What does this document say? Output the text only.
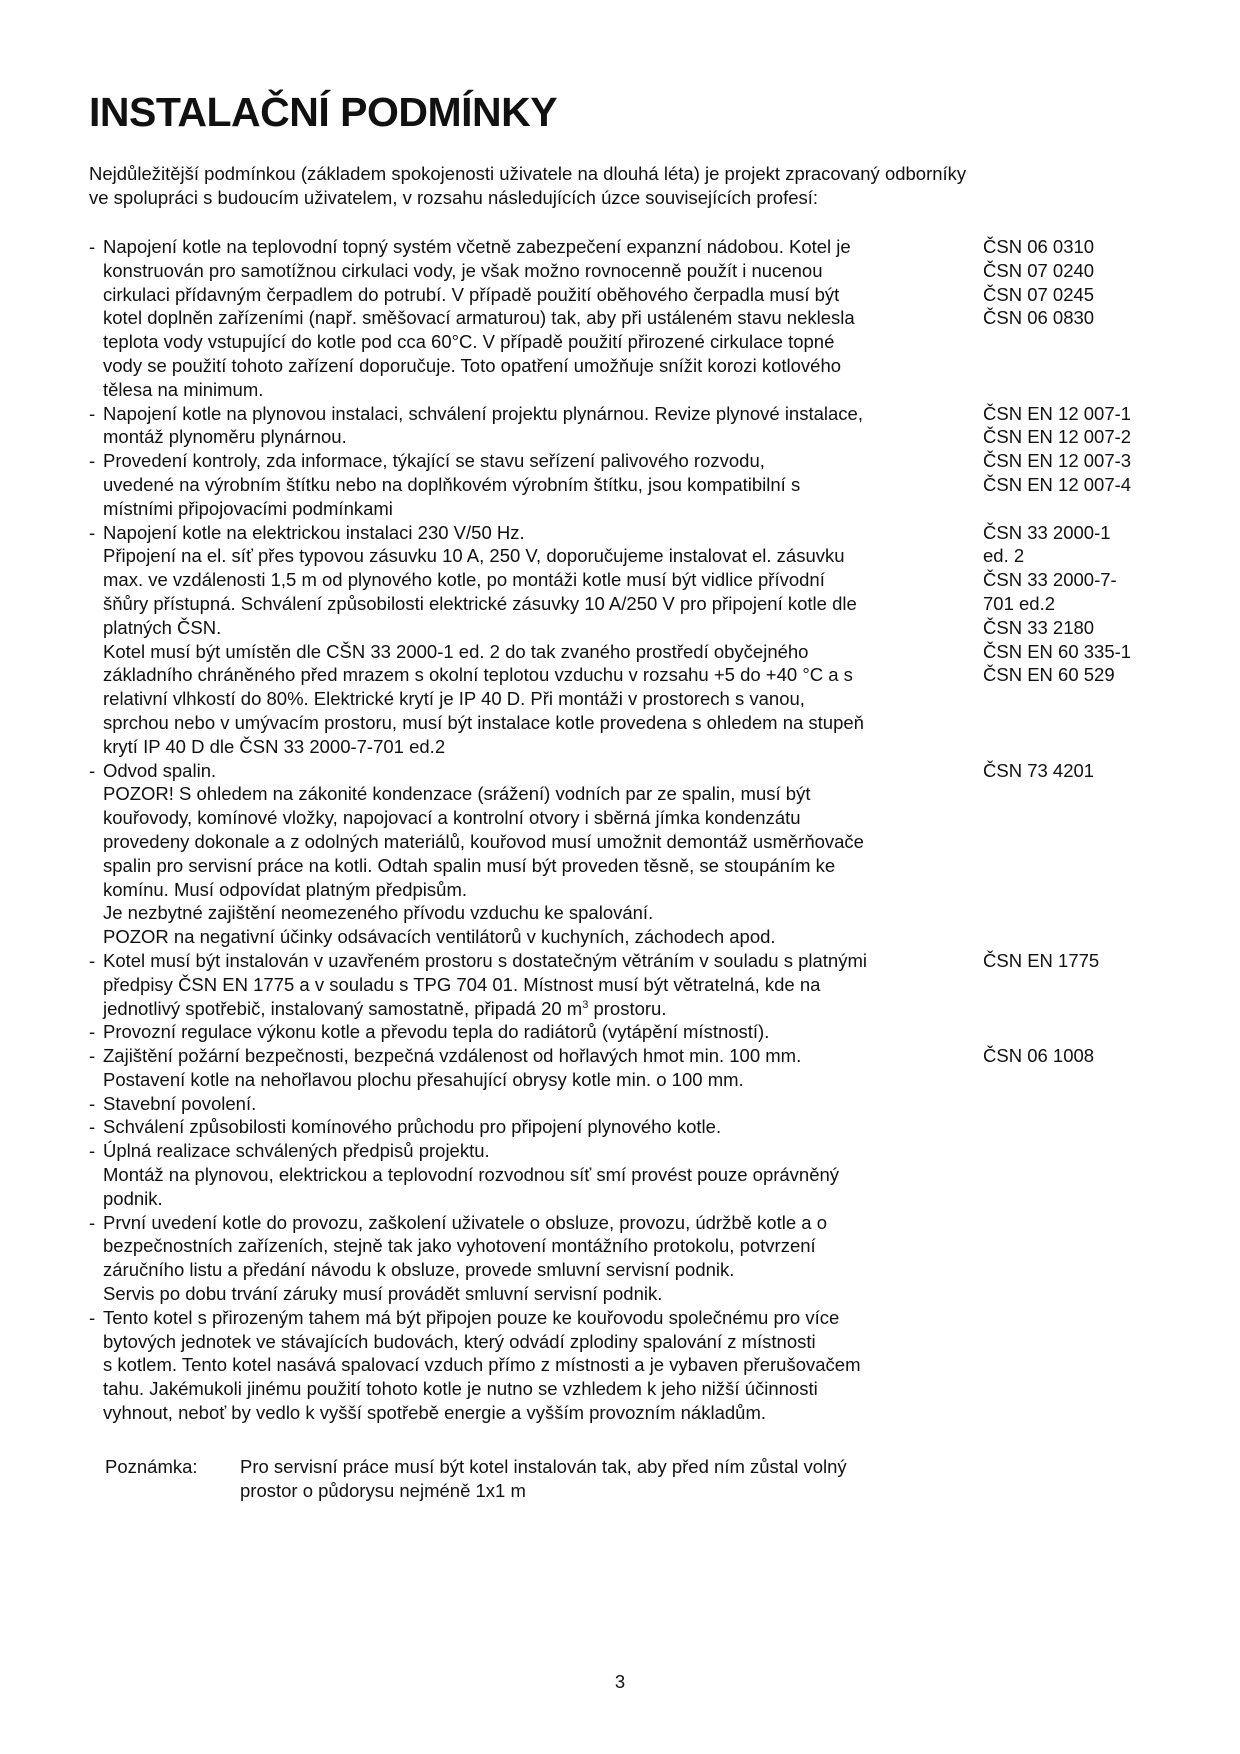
INSTALAČNÍ PODMÍNKY
Nejdůležitější podmínkou (základem spokojenosti uživatele na dlouhá léta) je projekt zpracovaný odborníky
ve spolupráci s budoucím uživatelem, v rozsahu následujících úzce souvisejících profesí:
- Napojení kotle na teplovodní topný systém včetně zabezpečení expanzní nádobou. Kotel je	ČSN 06 0310
konstruován pro samotížnou cirkulaci vody, je však možno rovnocenně použít i nucenou	ČSN 07 0240
cirkulaci přídavným čerpadlem do potrubí. V případě použití oběhového čerpadla musí být	ČSN 07 0245
kotel doplněn zařízeními (např. směšovací armaturou) tak, aby při ustáleném stavu neklesla	ČSN 06 0830
teplota vody vstupující do kotle pod cca 60°C. V případě použití přirozené cirkulace topné
vody se použití tohoto zařízení doporučuje. Toto opatření umožňuje snížit korozi kotlového
tělesa na minimum.
- Napojení kotle na plynovou instalaci, schválení projektu plynárnou. Revize plynové instalace,	ČSN EN 12 007-1
montáž plynoměru plynárnou.	ČSN EN 12 007-2
- Provedení kontroly, zda informace, týkající se stavu seřízení palivového rozvodu,	ČSN EN 12 007-3
uvedené na výrobním štítku nebo na doplňkovém výrobním štítku, jsou kompatibilní s	ČSN EN 12 007-4
místními připojovacími podmínkami
- Napojení kotle na elektrickou instalaci 230 V/50 Hz.	ČSN 33 2000-1
Připojení na el. síť přes typovou zásuvku 10 A, 250 V, doporučujeme instalovat el. zásuvku	ed. 2
max. ve vzdálenosti 1,5 m od plynového kotle, po montáži kotle musí být vidlice přívodní	ČSN 33 2000-7-
šňůry přístupná. Schválení způsobilosti elektrické zásuvky 10 A/250 V pro připojení kotle dle	701 ed.2
platných ČSN.	ČSN 33 2180
Kotel musí být umístěn dle CŠN 33 2000-1 ed. 2 do tak zvaného prostředí obyčejného	ČSN EN 60 335-1
základního chráněného před mrazem s okolní teplotou vzduchu v rozsahu +5 do +40 °C a s	ČSN EN 60 529
relativní vlhkostí do 80%. Elektrické krytí je IP 40 D. Při montáži v prostorech s vanou,
sprchou nebo v umývacím prostoru, musí být instalace kotle provedena s ohledem na stupeň
krytí IP 40 D dle ČSN 33 2000-7-701 ed.2
- Odvod spalin.	ČSN 73 4201
POZOR! S ohledem na zákonité kondenzace (srážení) vodních par ze spalin, musí být
kouřovody, komínové vložky, napojovací a kontrolní otvory i sběrná jímka kondenzátu
provedeny dokonale a z odolných materiálů, kouřovod musí umožnit demontáž usměrňovače
spalin pro servisní práce na kotli. Odtah spalin musí být proveden těsně, se stoupáním ke
komínu. Musí odpovídat platným předpisům.
Je nezbytné zajištění neomezeného přívodu vzduchu ke spalování.
POZOR na negativní účinky odsávacích ventilátorů v kuchyních, záchodech apod.
- Kotel musí být instalován v uzavřeném prostoru s dostatečným větráním v souladu s platnými	ČSN EN 1775
předpisy ČSN EN 1775 a v souladu s TPG 704 01. Místnost musí být větratelná, kde na
jednotlivý spotřebič, instalovaný samostatně, připadá 20 $m^3$ prostoru.
- Provozní regulace výkonu kotle a převodu tepla do radiátorů (vytápění místností).
- Zajištění požární bezpečnosti, bezpečná vzdálenost od hořlavých hmot min. 100 mm.	ČSN 06 1008
Postavení kotle na nehořlavou plochu přesahující obrysy kotle min. o 100 mm.
- Stavební povolení.
- Schválení způsobilosti komínového průchodu pro připojení plynového kotle.
- Úplná realizace schválených předpisů projektu.
Montáž na plynovou, elektrickou a teplovodní rozvodnou síť smí provést pouze oprávněný
podnik.
- První uvedení kotle do provozu, zaškolení uživatele o obsluze, provozu, údržbě kotle a o
bezpečnostních zařízeních, stejně tak jako vyhotovení montážního protokolu, potvrzení
záručního listu a předání návodu k obsluze, provede smluvní servisní podnik.
Servis po dobu trvání záruky musí provádět smluvní servisní podnik.
- Tento kotel s přirozeným tahem má být připojen pouze ke kouřovodu společnému pro více
bytových jednotek ve stávajících budovách, který odvádí zplodiny spalování z místnosti
s kotlem. Tento kotel nasává spalovací vzduch přímo z místnosti a je vybaven přerušovačem
tahu. Jakémukoli jinému použití tohoto kotle je nutno se vzhledem k jeho nižší účinnosti
vyhnout, neboť by vedlo k vyšší spotřebě energie a vyšším provozním nákladům.
Poznámka:	Pro servisní práce musí být kotel instalován tak, aby před ním zůstal volný
prostor o půdorysu nejméně 1x1 m
3
